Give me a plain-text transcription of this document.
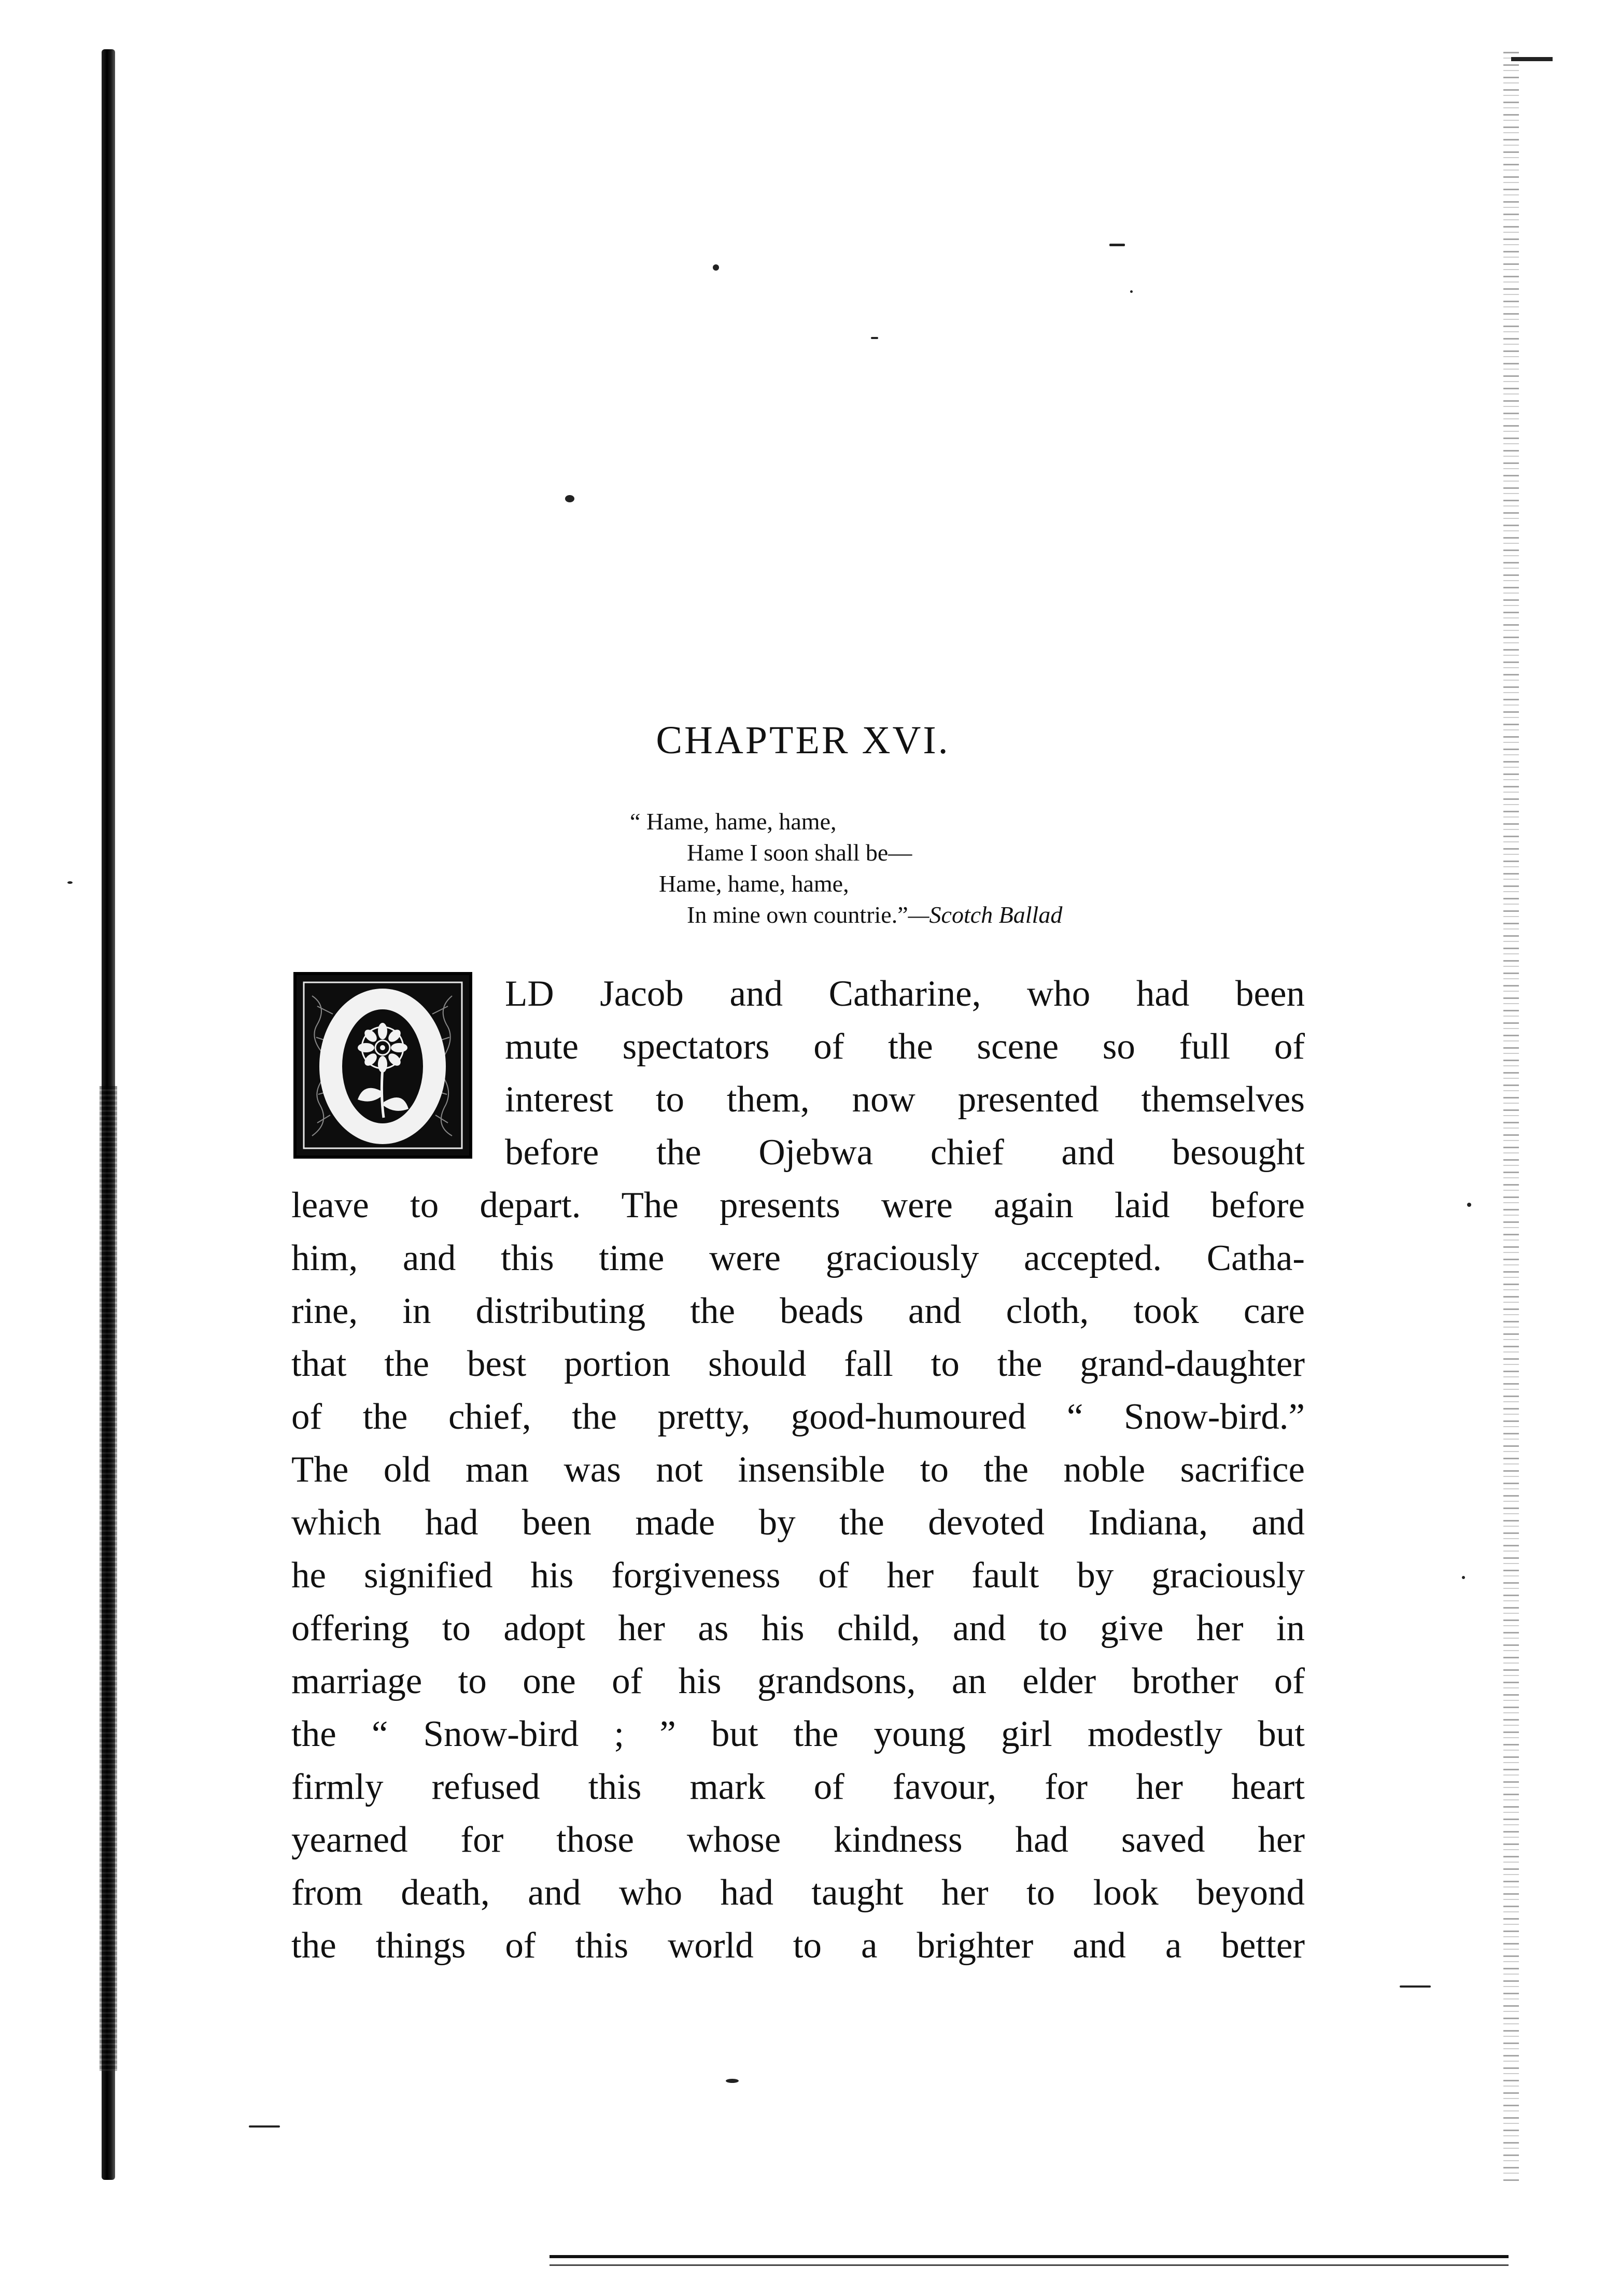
CHAPTER XVI.
“ Hame, hame, hame,
Hame I soon shall be—
Hame, hame, hame,
In mine own countrie.”—Scotch Ballad
LD Jacob and Catharine, who had been
mute spectators of the scene so full of
interest to them, now presented themselves
before the Ojebwa chief and besought
leave to depart. The presents were again laid before
him, and this time were graciously accepted. Catha-
rine, in distributing the beads and cloth, took care
that the best portion should fall to the grand-daughter
of the chief, the pretty, good-humoured “ Snow-bird.”
The old man was not insensible to the noble sacrifice
which had been made by the devoted Indiana, and
he signified his forgiveness of her fault by graciously
offering to adopt her as his child, and to give her in
marriage to one of his grandsons, an elder brother of
the “ Snow-bird ; ” but the young girl modestly but
firmly refused this mark of favour, for her heart
yearned for those whose kindness had saved her
from death, and who had taught her to look beyond
the things of this world to a brighter and a better
